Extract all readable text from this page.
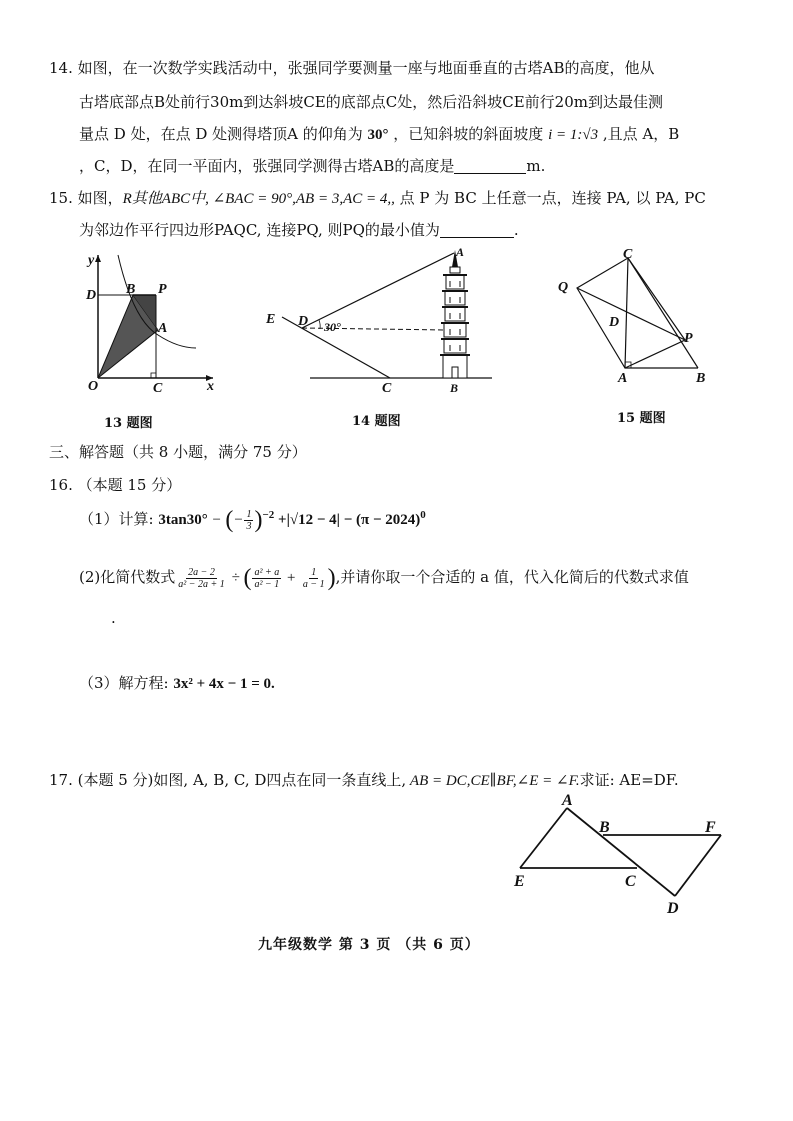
14. 如图，在一次数学实践活动中，张强同学要测量一座与地面垂直的古塔AB的高度，他从
古塔底部点B处前行30m到达斜坡CE的底部点C处，然后沿斜坡CE前行20m到达最佳测
量点 D 处，在点 D 处测得塔顶A 的仰角为 30° ，已知斜坡的斜面坡度 i = 1:√3 ,且点 A，B
，C，D，在同一平面内，张强同学测得古塔AB的高度是	m.
15. 如图，R其他ABC中, ∠BAC = 90°,AB = 3,AC = 4,, 点 P 为 BC 上任意一点，连接 PA, 以 PA, PC
为邻边作平行四边形PAQC, 连接PQ, 则PQ的最小值为	.
y
x
O
D B P
A
C
13 题图
E D 30°
A
C	B
14 题图
C
Q
D
P
A	B
15 题图
三、解答题（共 8 小题，满分 75 分）
16. （本题 15 分）
（1）计算: 3tan30° − (− $\frac{1}{3} )^{-2} +|√12 - 4| - (\pi - 2024)^0$
(2)化简代数式 $\frac{2a - 2}{\text{a² − 2a + 1}}$ ÷ ( $\frac{\text{a² + a}}{\text{a² − 1}} + \frac{1}{a - 1}$ ),并请你取一个合适的 a 值，代入化简后的代数式求值
.
（3）解方程: 3x² + 4x − 1 = 0.
17. (本题 5 分)如图, A, B, C, D四点在同一条直线上, AB = DC,CE∥BF,∠E = ∠F.求证: AE=DF.
A
B	F
E	C
D
九年级数学 第 3 页 （共 6 页）
